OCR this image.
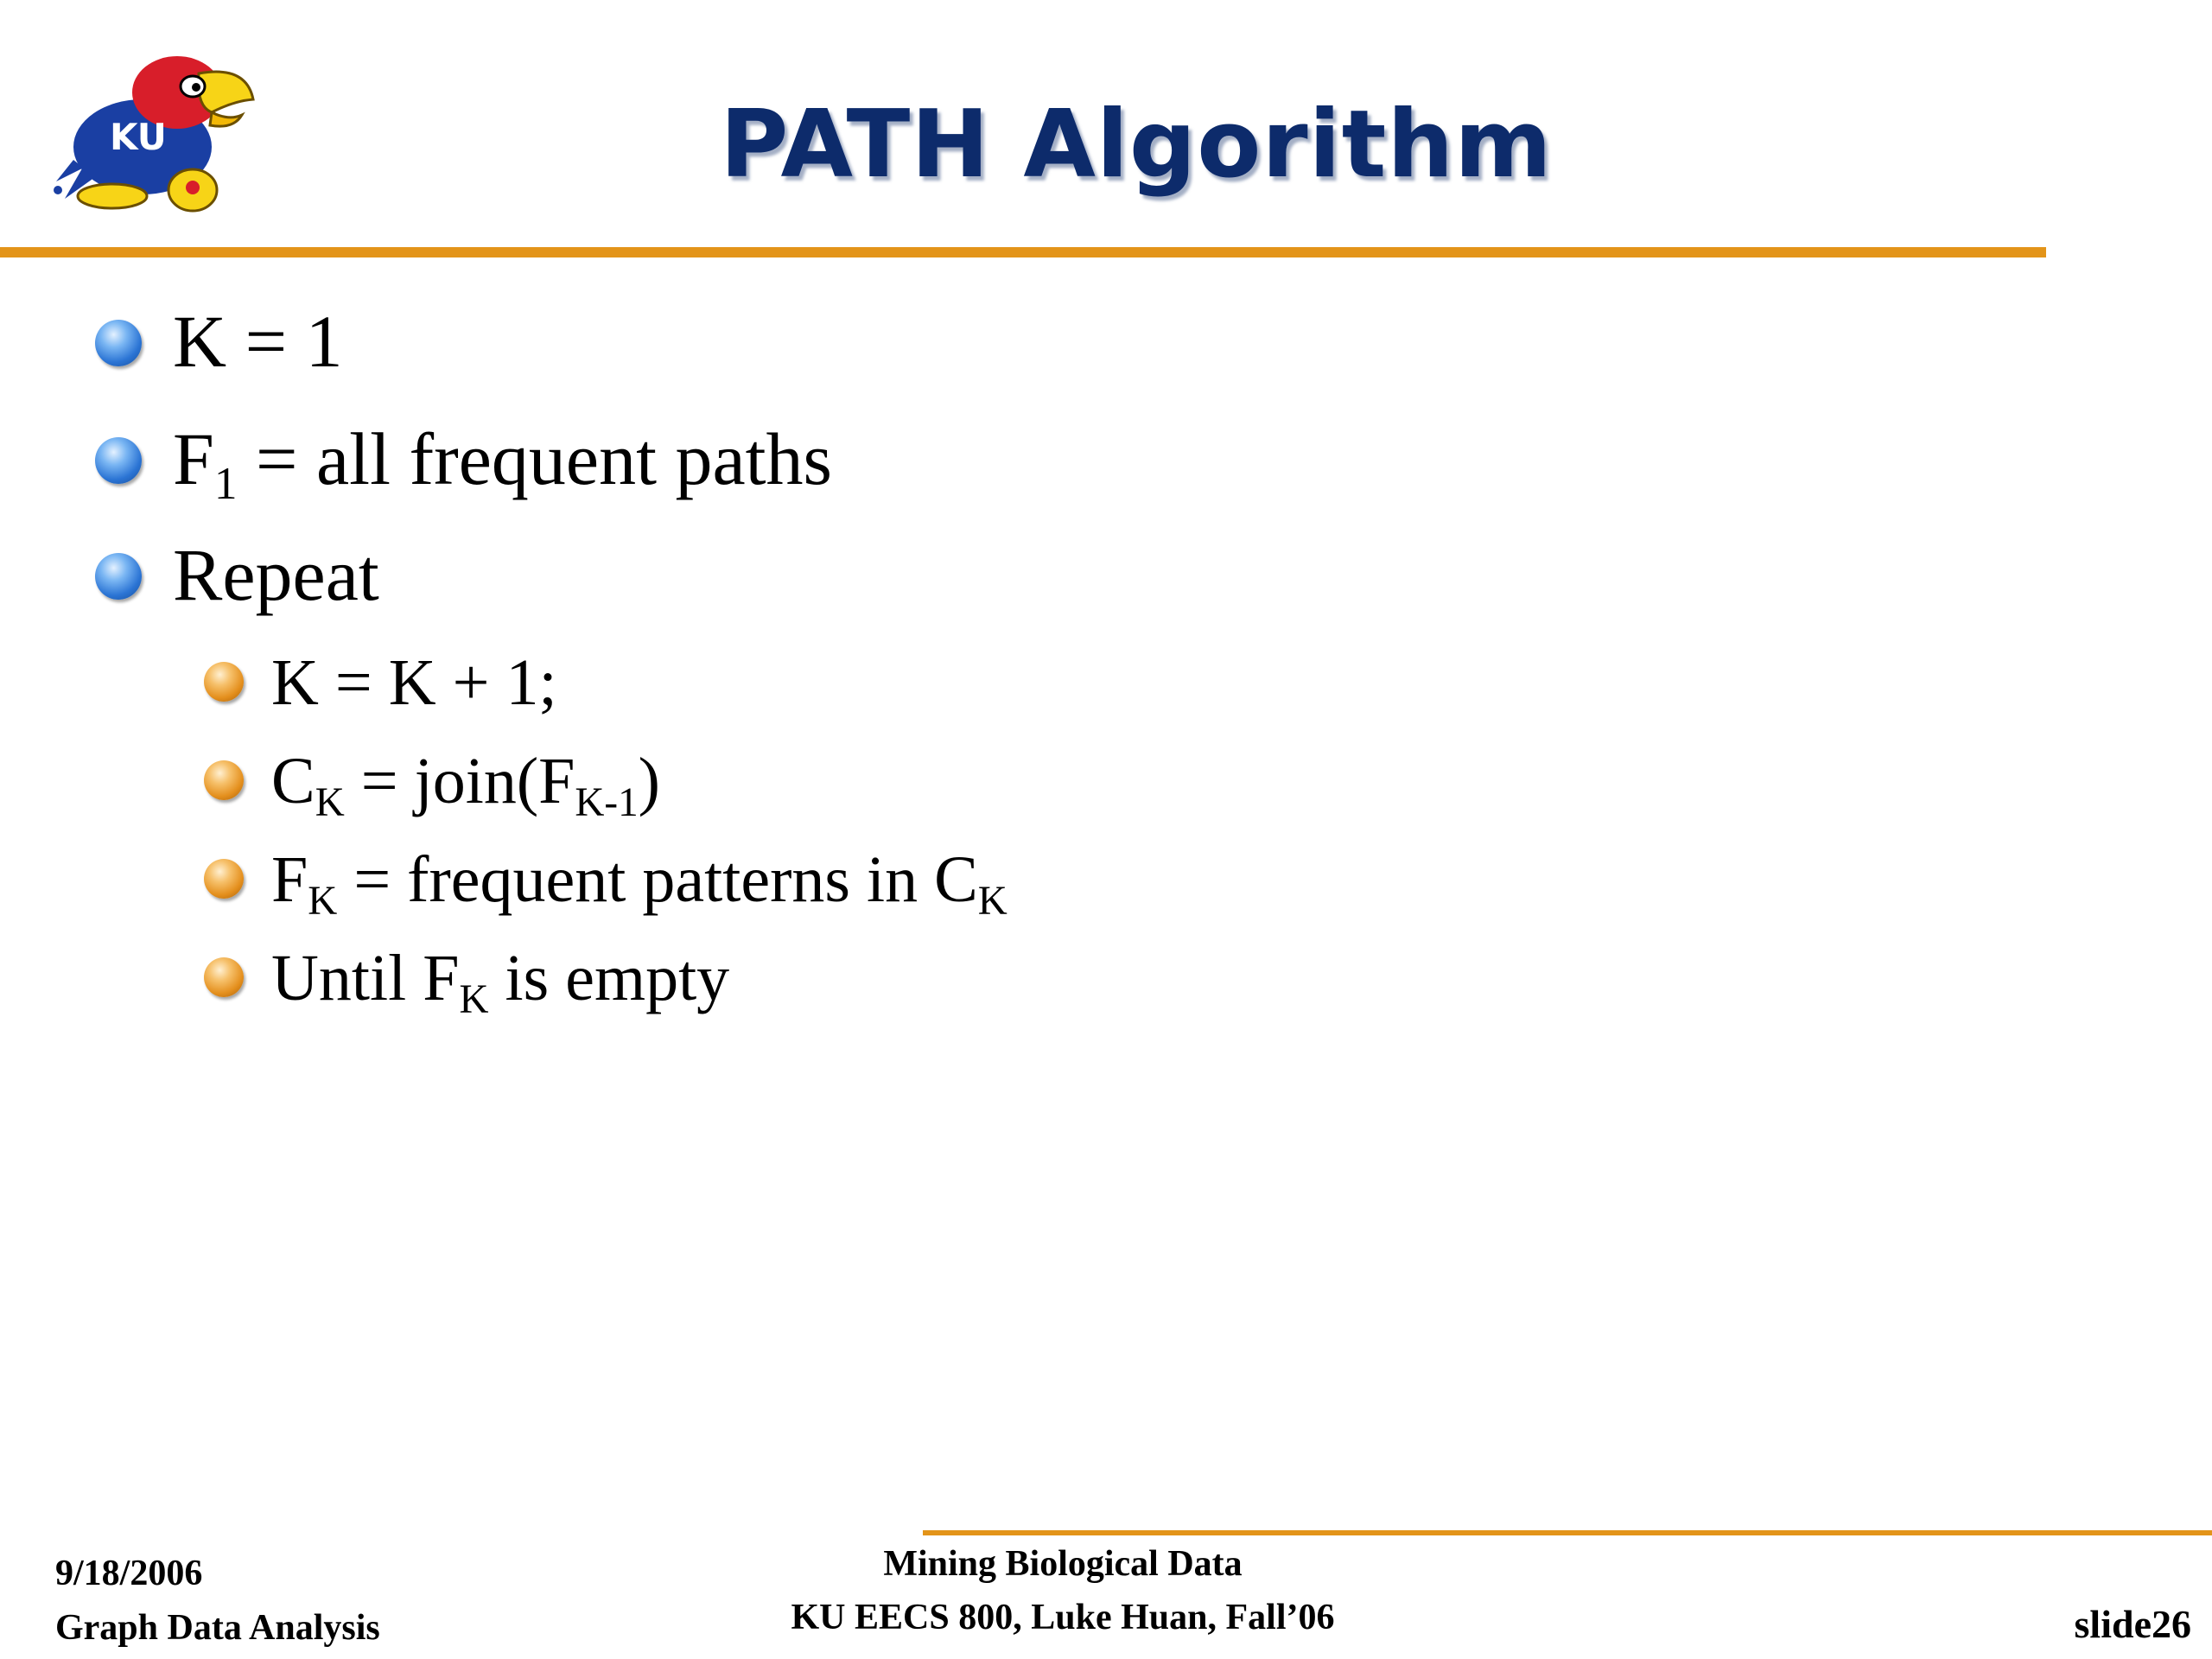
KU	PATH Algorithm
K = 1
$F_1$ = all frequent paths
Repeat
K = K + 1;
$C_K$ = $join(F_{K-1})$
$F_K$ = frequent patterns in $C_K$
Until $F_K$ is empty
9/18/2006
Graph Data Analysis
Mining Biological Data
KU EECS 800, Luke Huan, Fall’06	slide26
